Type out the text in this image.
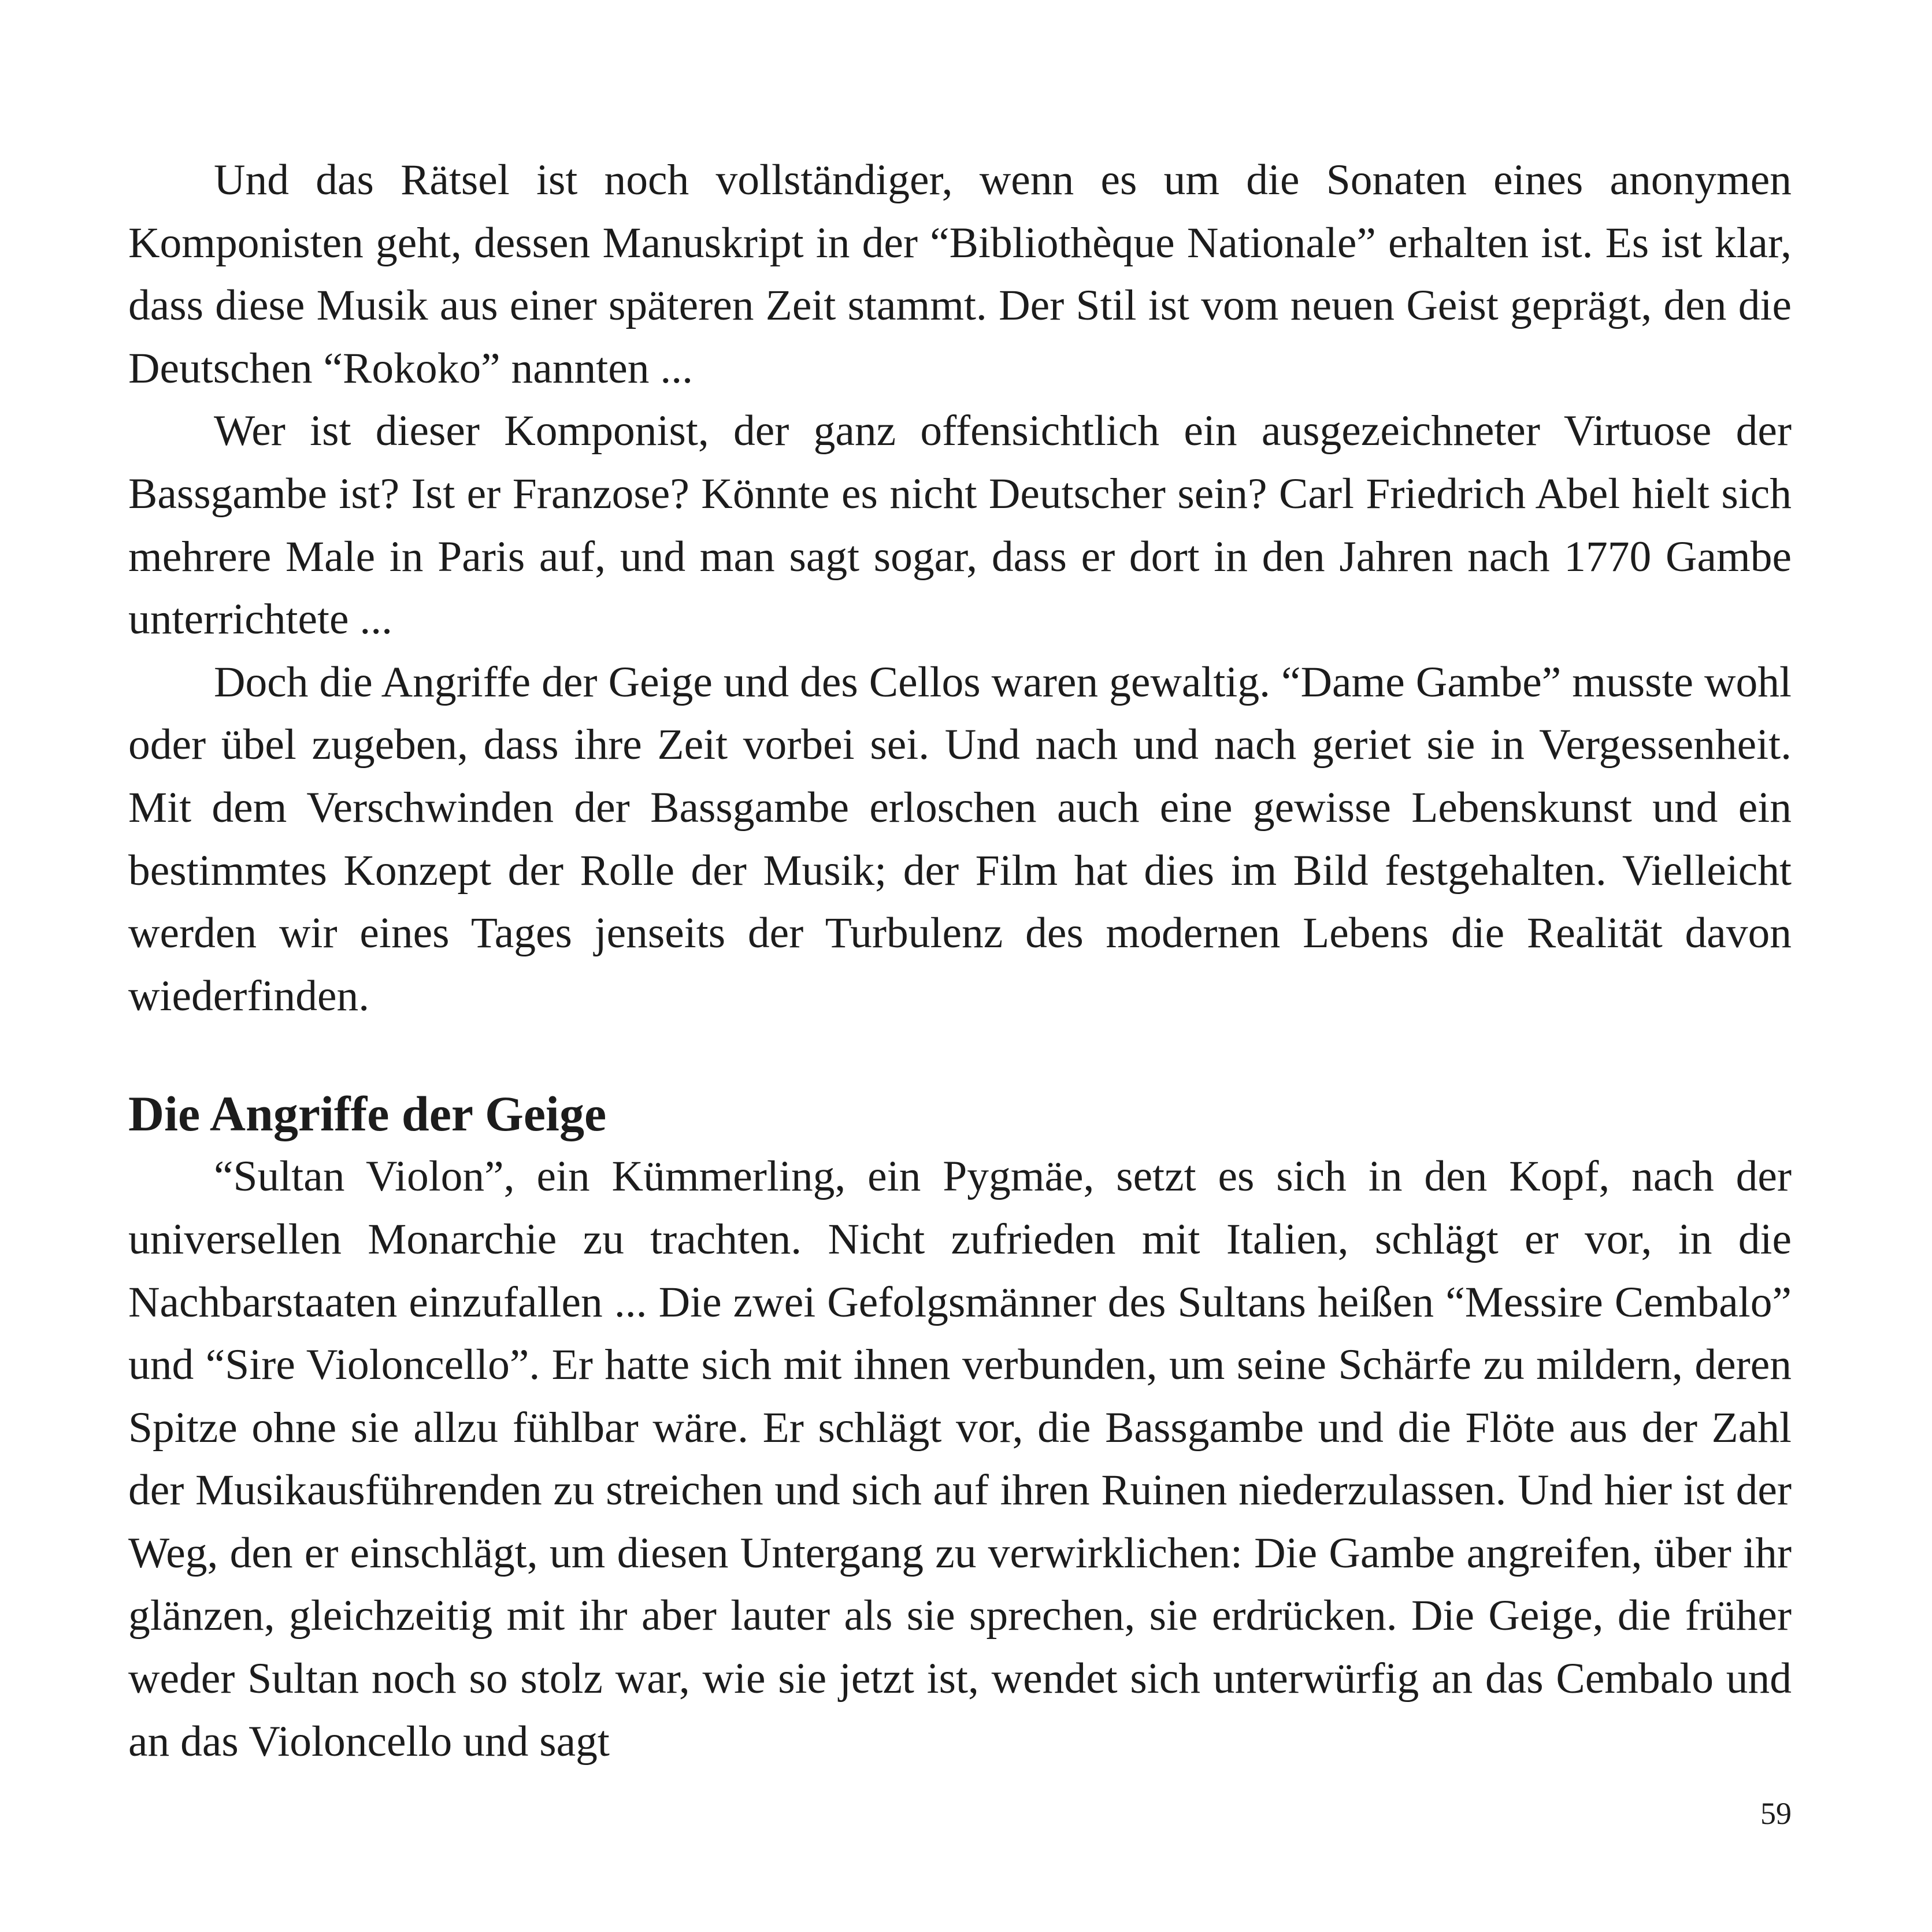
Und das Rätsel ist noch vollständiger, wenn es um die Sonaten eines anonymen Komponisten geht, dessen Manuskript in der “Bibliothèque Nationale” erhalten ist. Es ist klar, dass diese Musik aus einer späteren Zeit stammt. Der Stil ist vom neuen Geist geprägt, den die Deutschen “Rokoko” nannten ...

Wer ist dieser Komponist, der ganz offensichtlich ein ausgezeichneter Virtuose der Bassgambe ist? Ist er Franzose? Könnte es nicht Deutscher sein? Carl Friedrich Abel hielt sich mehrere Male in Paris auf, und man sagt sogar, dass er dort in den Jahren nach 1770 Gambe unterrichtete ...

Doch die Angriffe der Geige und des Cellos waren gewaltig. “Dame Gambe” musste wohl oder übel zugeben, dass ihre Zeit vorbei sei. Und nach und nach geriet sie in Vergessenheit. Mit dem Verschwinden der Bassgambe erloschen auch eine gewisse Lebenskunst und ein bestimmtes Konzept der Rolle der Musik; der Film hat dies im Bild festgehalten. Vielleicht werden wir eines Tages jenseits der Turbulenz des modernen Lebens die Realität davon wiederfinden.

Die Angriffe der Geige

“Sultan Violon”, ein Kümmerling, ein Pygmäe, setzt es sich in den Kopf, nach der universellen Monarchie zu trachten. Nicht zufrieden mit Italien, schlägt er vor, in die Nachbarstaaten einzufallen ... Die zwei Gefolgsmänner des Sultans heißen “Messire Cembalo” und “Sire Violoncello”. Er hatte sich mit ihnen verbunden, um seine Schärfe zu mildern, deren Spitze ohne sie allzu fühlbar wäre. Er schlägt vor, die Bassgambe und die Flöte aus der Zahl der Musikausführenden zu streichen und sich auf ihren Ruinen niederzulassen. Und hier ist der Weg, den er einschlägt, um diesen Untergang zu verwirklichen: Die Gambe angreifen, über ihr glänzen, gleichzeitig mit ihr aber lauter als sie sprechen, sie erdrücken. Die Geige, die früher weder Sultan noch so stolz war, wie sie jetzt ist, wendet sich unterwürfig an das Cembalo und an das Violoncello und sagt

59
